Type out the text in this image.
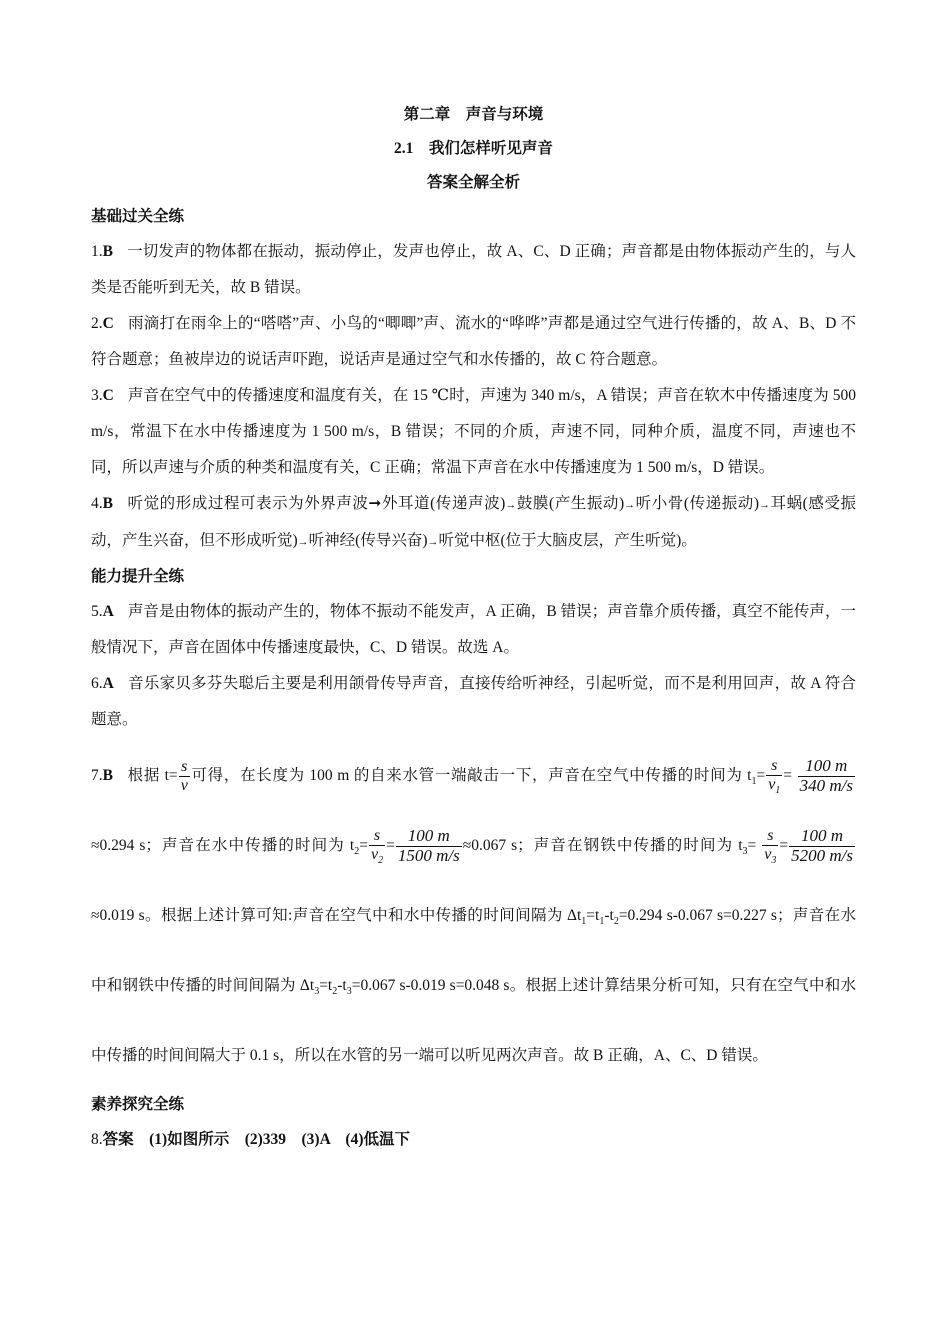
第二章　声音与环境
2.1　我们怎样听见声音
答案全解全析
基础过关全练

1.B 一切发声的物体都在振动，振动停止，发声也停止，故 A、C、D 正确；声音都是由物体振动产生的，与人类是否能听到无关，故 B 错误。

2.C 雨滴打在雨伞上的“嗒嗒”声、小鸟的“唧唧”声、流水的“哗哗”声都是通过空气进行传播的，故 A、B、D 不符合题意；鱼被岸边的说话声吓跑，说话声是通过空气和水传播的，故 C 符合题意。

3.C 声音在空气中的传播速度和温度有关，在 15 ℃时，声速为 340 m/s，A 错误；声音在软木中传播速度为 500 m/s，常温下在水中传播速度为 1 500 m/s，B 错误；不同的介质，声速不同，同种介质，温度不同，声速也不同，所以声速与介质的种类和温度有关，C 正确；常温下声音在水中传播速度为 1 500 m/s，D 错误。

4.B 听觉的形成过程可表示为外界声波➞外耳道(传递声波)→鼓膜(产生振动)→听小骨(传递振动)→耳蜗(感受振动，产生兴奋，但不形成听觉)→听神经(传导兴奋)→听觉中枢(位于大脑皮层，产生听觉)。

能力提升全练

5.A 声音是由物体的振动产生的，物体不振动不能发声，A 正确，B 错误；声音靠介质传播，真空不能传声，一般情况下，声音在固体中传播速度最快，C、D 错误。故选 A。

6.A 音乐家贝多芬失聪后主要是利用颌骨传导声音，直接传给听神经，引起听觉，而不是利用回声，故 A 符合题意。

7.B 根据 $t= \frac{s}{v}$ 可得，在长度为 100 m 的自来水管一端敲击一下，声音在空气中传播的时间为 $t_1= \frac{s}{v_1} = \frac{100 m}{340 m/s}$
≈0.294 s；声音在水中传播的时间为 $t_2= \frac{s}{v_2} = \frac{100 m}{1500 m/s} \approx 0.067$ s；声音在钢铁中传播的时间为 $t_3= \frac{s}{v_3} = \frac{100 m}{5200 m/s}$
≈0.019 s。根据上述计算可知:声音在空气中和水中传播的时间间隔为 $\Delta t_1=t_1-t_2=0.294$ s-0.067 s=0.227 s；声音在水中和钢铁中传播的时间间隔为 $\Delta t_3=t_2-t_3=0.067$ s-0.019 s=0.048 s。根据上述计算结果分析可知，只有在空气中和水中传播的时间间隔大于 0.1 s，所以在水管的另一端可以听见两次声音。故 B 正确，A、C、D 错误。

素养探究全练

8.答案　(1)如图所示　(2)339　(3)A　(4)低温下
